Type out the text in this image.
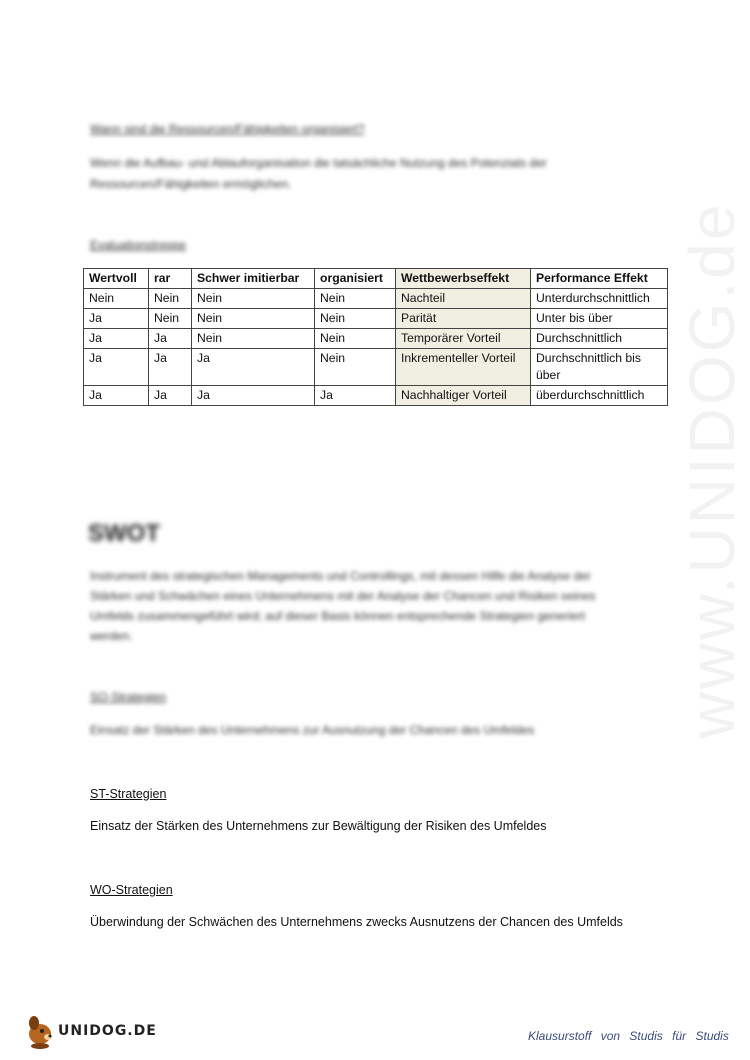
www.UNIDOG.de
Wann sind die Ressourcen/Fähigkeiten organisiert?
Wenn die Aufbau- und Ablauforganisation die tatsächliche Nutzung des Potenzials der
Ressourcen/Fähigkeiten ermöglichen.
Evaluationstreppe
Wertvoll	rar	Schwer imitierbar	organisiert	Wettbewerbseffekt	Performance Effekt
Nein	Nein	Nein	Nein	Nachteil	Unterdurchschnittlich
Ja	Nein	Nein	Nein	Parität	Unter bis über
Ja	Ja	Nein	Nein	Temporärer Vorteil	Durchschnittlich
Ja	Ja	Ja	Nein	Inkrementeller Vorteil	Durchschnittlich bis über
Ja	Ja	Ja	Ja	Nachhaltiger Vorteil	überdurchschnittlich
SWOT
Instrument des strategischen Managements und Controllings, mit dessen Hilfe die Analyse der
Stärken und Schwächen eines Unternehmens mit der Analyse der Chancen und Risiken seines
Umfelds zusammengeführt wird; auf dieser Basis können entsprechende Strategien generiert
werden.
SO-Strategien
Einsatz der Stärken des Unternehmens zur Ausnutzung der Chancen des Umfeldes
ST-Strategien
Einsatz der Stärken des Unternehmens zur Bewältigung der Risiken des Umfeldes
WO-Strategien
Überwindung der Schwächen des Unternehmens zwecks Ausnutzens der Chancen des Umfelds
UNIDOG.DE	Klausurstoff von Studis für Studis
